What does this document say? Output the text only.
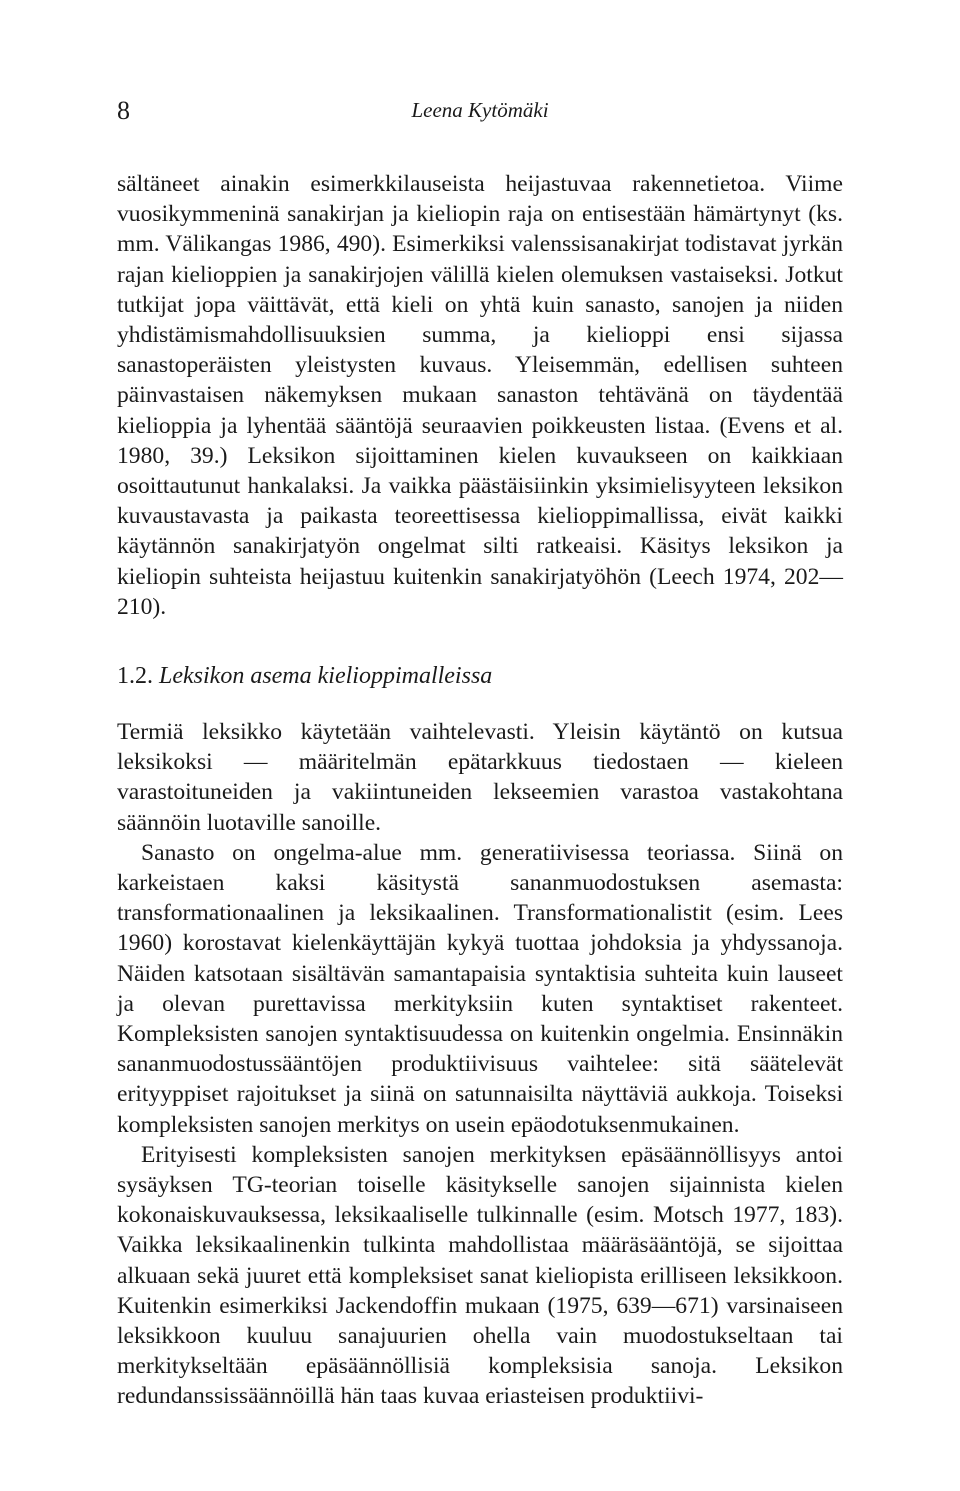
8	Leena Kytömäki

sältäneet ainakin esimerkkilauseista heijastuvaa rakennetietoa. Viime vuosikymmeninä sanakirjan ja kieliopin raja on entisestään hämärtynyt (ks. mm. Välikangas 1986, 490). Esimerkiksi valenssisanakirjat todistavat jyrkän rajan kielioppien ja sanakirjojen välillä kielen olemuksen vastaiseksi. Jotkut tutkijat jopa väittävät, että kieli on yhtä kuin sanasto, sanojen ja niiden yhdistämismahdollisuuksien summa, ja kielioppi ensi sijassa sanastoperäisten yleistysten kuvaus. Yleisemmän, edellisen suhteen päinvastaisen näkemyksen mukaan sanaston tehtävänä on täydentää kielioppia ja lyhentää sääntöjä seuraavien poikkeusten listaa. (Evens et al. 1980, 39.) Leksikon sijoittaminen kielen kuvaukseen on kaikkiaan osoittautunut hankalaksi. Ja vaikka päästäisiinkin yksimielisyyteen leksikon kuvaustavasta ja paikasta teoreettisessa kielioppimallissa, eivät kaikki käytännön sanakirjatyön ongelmat silti ratkeaisi. Käsitys leksikon ja kieliopin suhteista heijastuu kuitenkin sanakirjatyöhön (Leech 1974, 202—210).

1.2. Leksikon asema kielioppimalleissa

Termiä leksikko käytetään vaihtelevasti. Yleisin käytäntö on kutsua leksikoksi — määritelmän epätarkkuus tiedostaen — kieleen varastoituneiden ja vakiintuneiden lekseemien varastoa vastakohtana säännöin luotaville sanoille.

Sanasto on ongelma-alue mm. generatiivisessa teoriassa. Siinä on karkeistaen kaksi käsitystä sananmuodostuksen asemasta: transformationaalinen ja leksikaalinen. Transformationalistit (esim. Lees 1960) korostavat kielenkäyttäjän kykyä tuottaa johdoksia ja yhdyssanoja. Näiden katsotaan sisältävän samantapaisia syntaktisia suhteita kuin lauseet ja olevan purettavissa merkityksiin kuten syntaktiset rakenteet. Kompleksisten sanojen syntaktisuudessa on kuitenkin ongelmia. Ensinnäkin sananmuodostussääntöjen produktiivisuus vaihtelee: sitä säätelevät erityyppiset rajoitukset ja siinä on satunnaisilta näyttäviä aukkoja. Toiseksi kompleksisten sanojen merkitys on usein epäodotuksenmukainen.

Erityisesti kompleksisten sanojen merkityksen epäsäännöllisyys antoi sysäyksen TG-teorian toiselle käsitykselle sanojen sijainnista kielen kokonaiskuvauksessa, leksikaaliselle tulkinnalle (esim. Motsch 1977, 183). Vaikka leksikaalinenkin tulkinta mahdollistaa määräsääntöjä, se sijoittaa alkuaan sekä juuret että kompleksiset sanat kieliopista erilliseen leksikkoon. Kuitenkin esimerkiksi Jackendoffin mukaan (1975, 639—671) varsinaiseen leksikkoon kuuluu sanajuurien ohella vain muodostukseltaan tai merkitykseltään epäsäännöllisiä kompleksisia sanoja. Leksikon redundanssissäännöillä hän taas kuvaa eriasteisen produktiivi-
